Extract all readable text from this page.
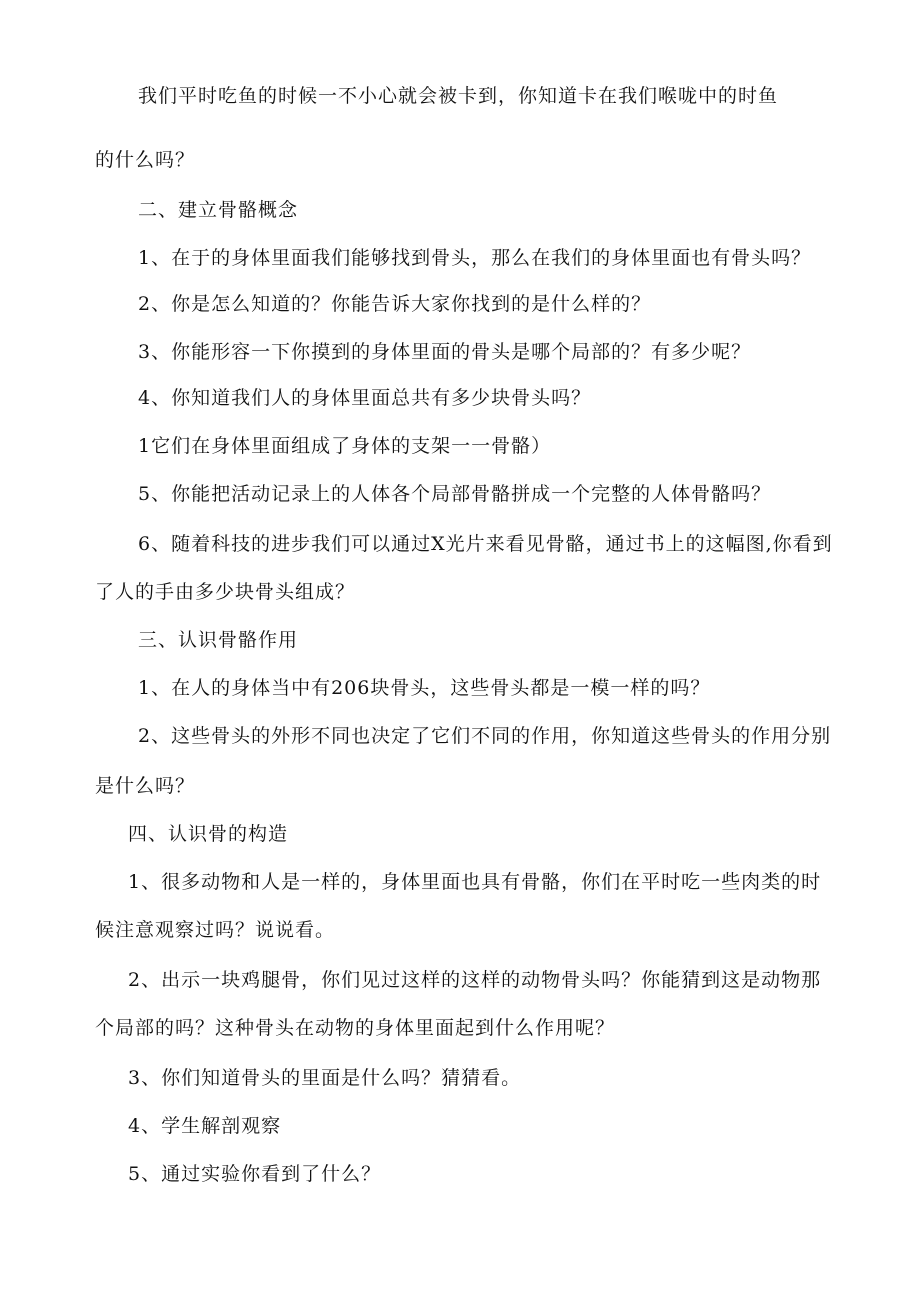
我们平时吃鱼的时候一不小心就会被卡到，你知道卡在我们喉咙中的时鱼
的什么吗？
二、建立骨骼概念
1、在于的身体里面我们能够找到骨头，那么在我们的身体里面也有骨头吗？
2、你是怎么知道的？你能告诉大家你找到的是什么样的？
3、你能形容一下你摸到的身体里面的骨头是哪个局部的？有多少呢？
4、你知道我们人的身体里面总共有多少块骨头吗？
1它们在身体里面组成了身体的支架一一骨骼）
5、你能把活动记录上的人体各个局部骨骼拼成一个完整的人体骨骼吗？
6、随着科技的进步我们可以通过X光片来看见骨骼，通过书上的这幅图,你看到
了人的手由多少块骨头组成？
三、认识骨骼作用
1、在人的身体当中有206块骨头，这些骨头都是一模一样的吗？
2、这些骨头的外形不同也决定了它们不同的作用，你知道这些骨头的作用分别
是什么吗？
四、认识骨的构造
1、很多动物和人是一样的，身体里面也具有骨骼，你们在平时吃一些肉类的时
候注意观察过吗？说说看。
2、出示一块鸡腿骨，你们见过这样的这样的动物骨头吗？你能猜到这是动物那
个局部的吗？这种骨头在动物的身体里面起到什么作用呢？
3、你们知道骨头的里面是什么吗？猜猜看。
4、学生解剖观察
5、通过实验你看到了什么？
